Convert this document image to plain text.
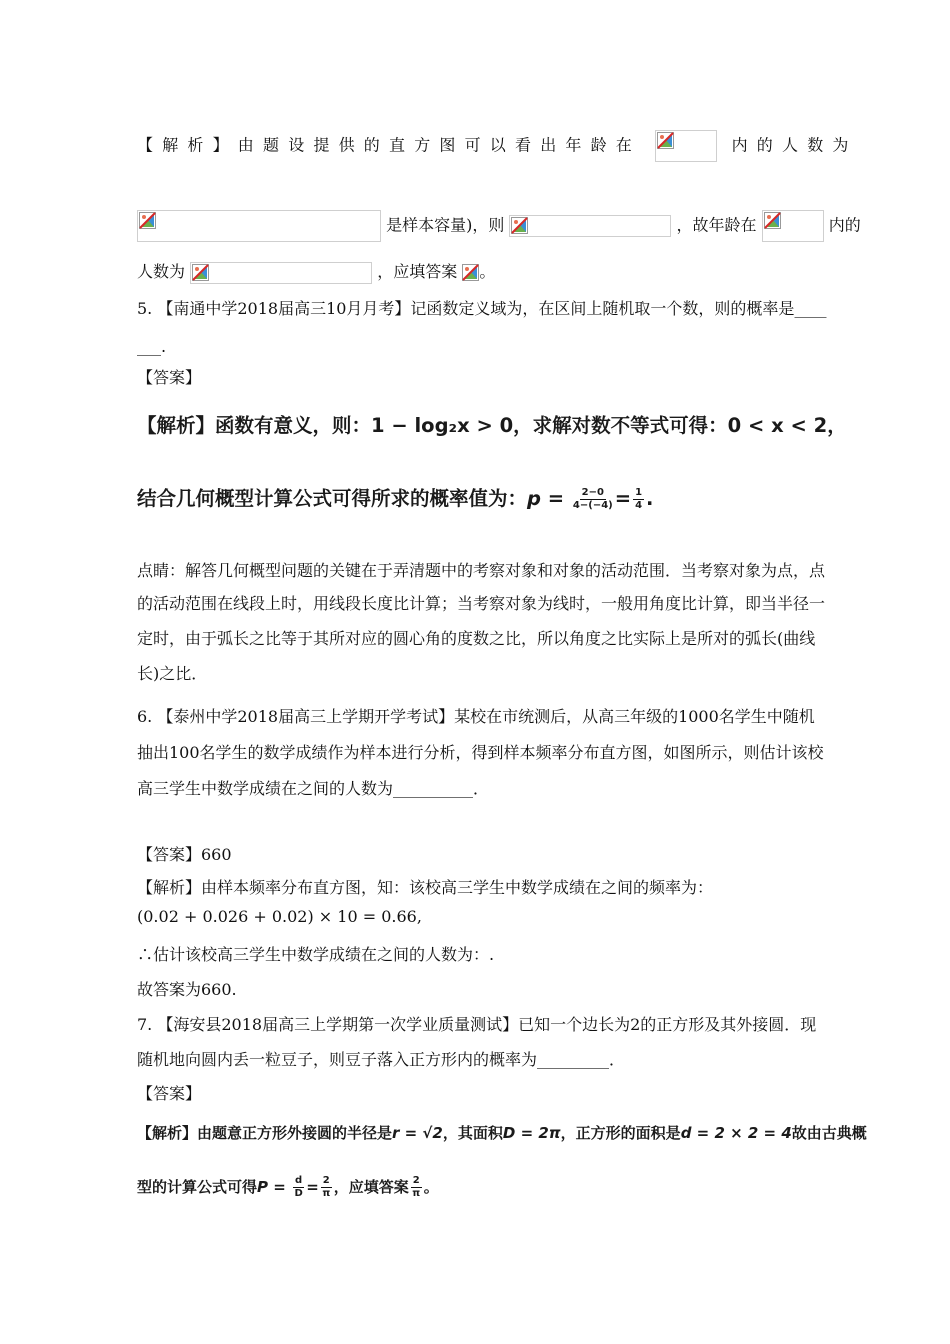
【解析】由题设提供的直方图可以看出年龄在	内的人数为
是样本容量)，则	，故年龄在	内的
人数为	，应填答案 。
5. 【南通中学2018届高三10月月考】记函数定义域为，在区间上随机取一个数，则的概率是____
___.
【答案】
【解析】函数有意义，则：1 − log₂x > 0，求解对数不等式可得：0 < x < 2，
结合几何概型计算公式可得所求的概率值为：$p = \frac{2-0}{4-(-4)} = \frac{1}{4}$ .
点睛：解答几何概型问题的关键在于弄清题中的考察对象和对象的活动范围．当考察对象为点，点
的活动范围在线段上时，用线段长度比计算；当考察对象为线时，一般用角度比计算，即当半径一
定时，由于弧长之比等于其所对应的圆心角的度数之比，所以角度之比实际上是所对的弧长(曲线
长)之比．
6. 【泰州中学2018届高三上学期开学考试】某校在市统测后，从高三年级的1000名学生中随机
抽出100名学生的数学成绩作为样本进行分析，得到样本频率分布直方图，如图所示，则估计该校
高三学生中数学成绩在之间的人数为__________．
【答案】660
【解析】由样本频率分布直方图，知：该校高三学生中数学成绩在之间的频率为：
(0.02 + 0.026 + 0.02) × 10 = 0.66,
∴估计该校高三学生中数学成绩在之间的人数为：.
故答案为660.
7. 【海安县2018届高三上学期第一次学业质量测试】已知一个边长为2的正方形及其外接圆．现
随机地向圆内丢一粒豆子，则豆子落入正方形内的概率为_________．
【答案】
【解析】由题意正方形外接圆的半径是r = √2，其面积D = 2π，正方形的面积是d = 2 × 2 = 4故由古典概
型的计算公式可得$P = \frac{d}{D} = \frac{2}{\pi}$ ，应填答案 $\frac{2}{\pi}$ 。
